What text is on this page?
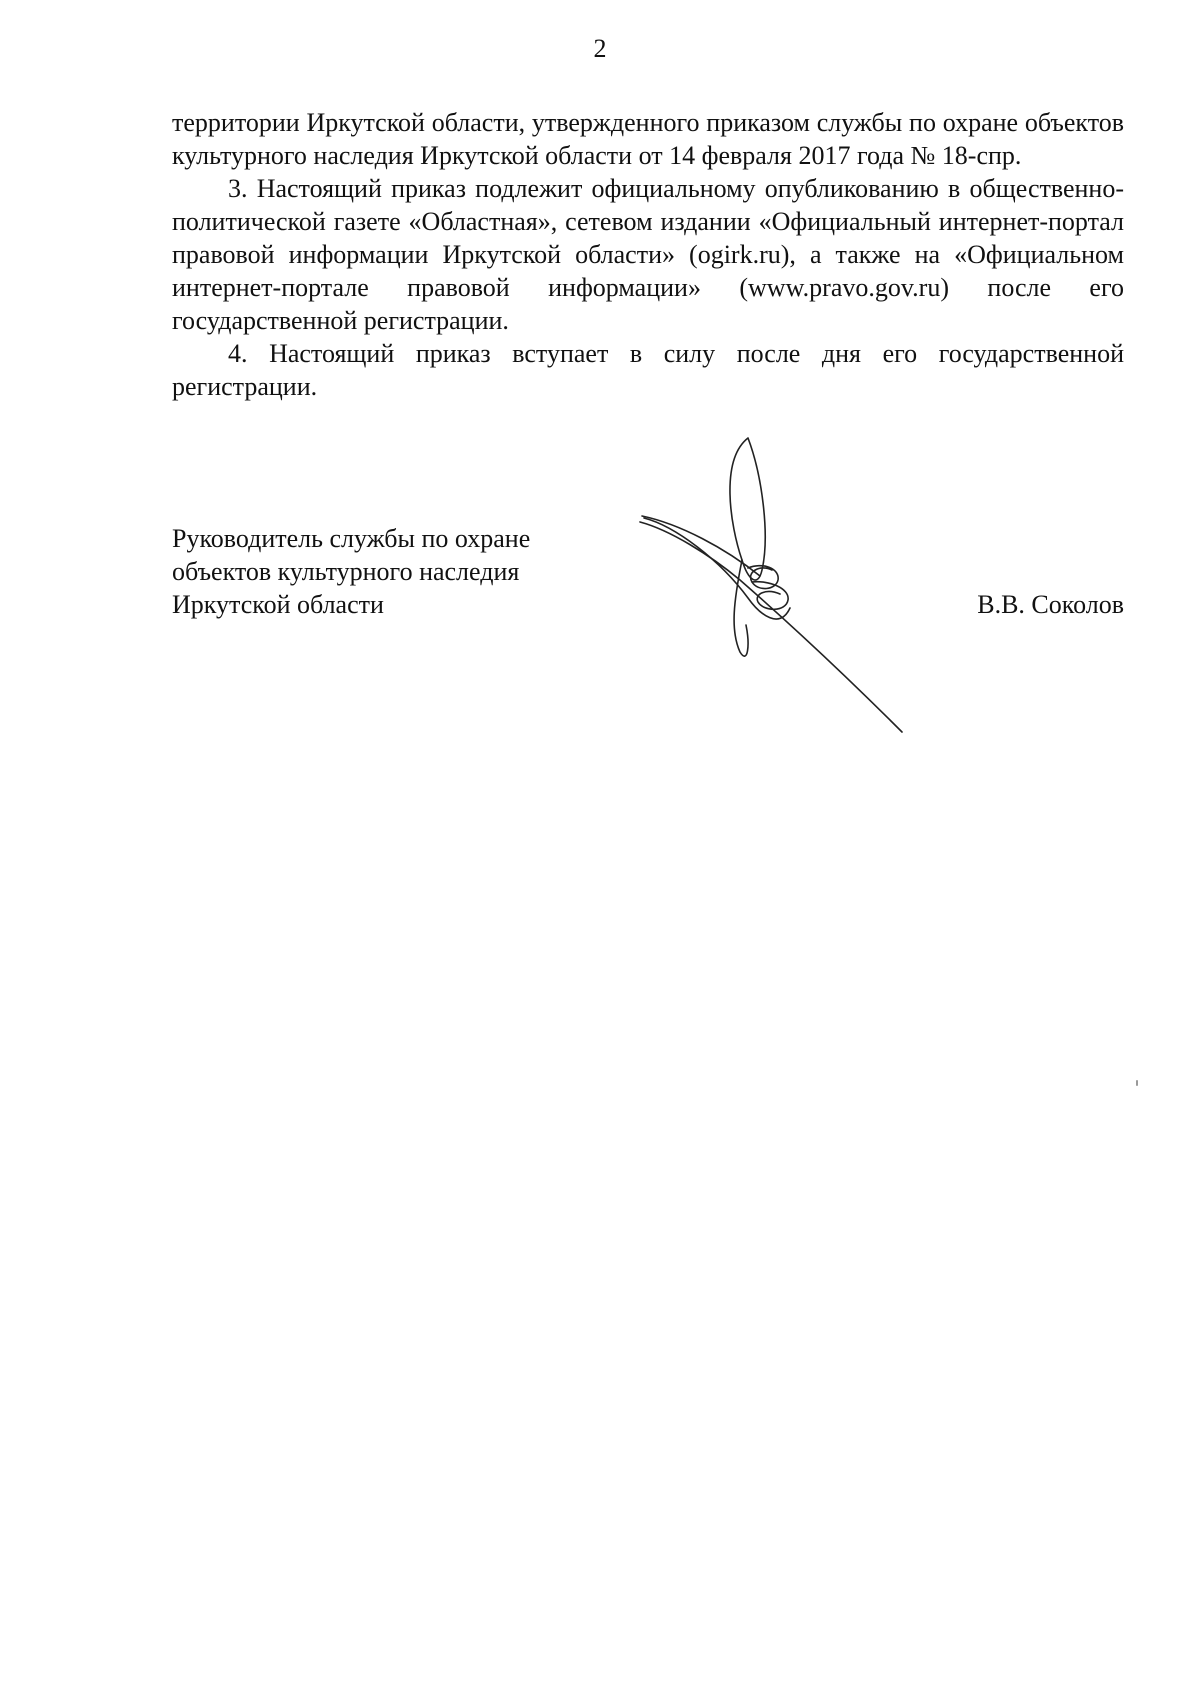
2

территории Иркутской области, утвержденного приказом службы по охране объектов культурного наследия Иркутской области от 14 февраля 2017 года № 18-спр.

3. Настоящий приказ подлежит официальному опубликованию в общественно-политической газете «Областная», сетевом издании «Официальный интернет-портал правовой информации Иркутской области» (ogirk.ru), а также на «Официальном интернет-портале правовой информации» (www.pravo.gov.ru) после его государственной регистрации.

4. Настоящий приказ вступает в силу после дня его государственной регистрации.

Руководитель службы по охране
объектов культурного наследия
Иркутской области	В.В. Соколов
